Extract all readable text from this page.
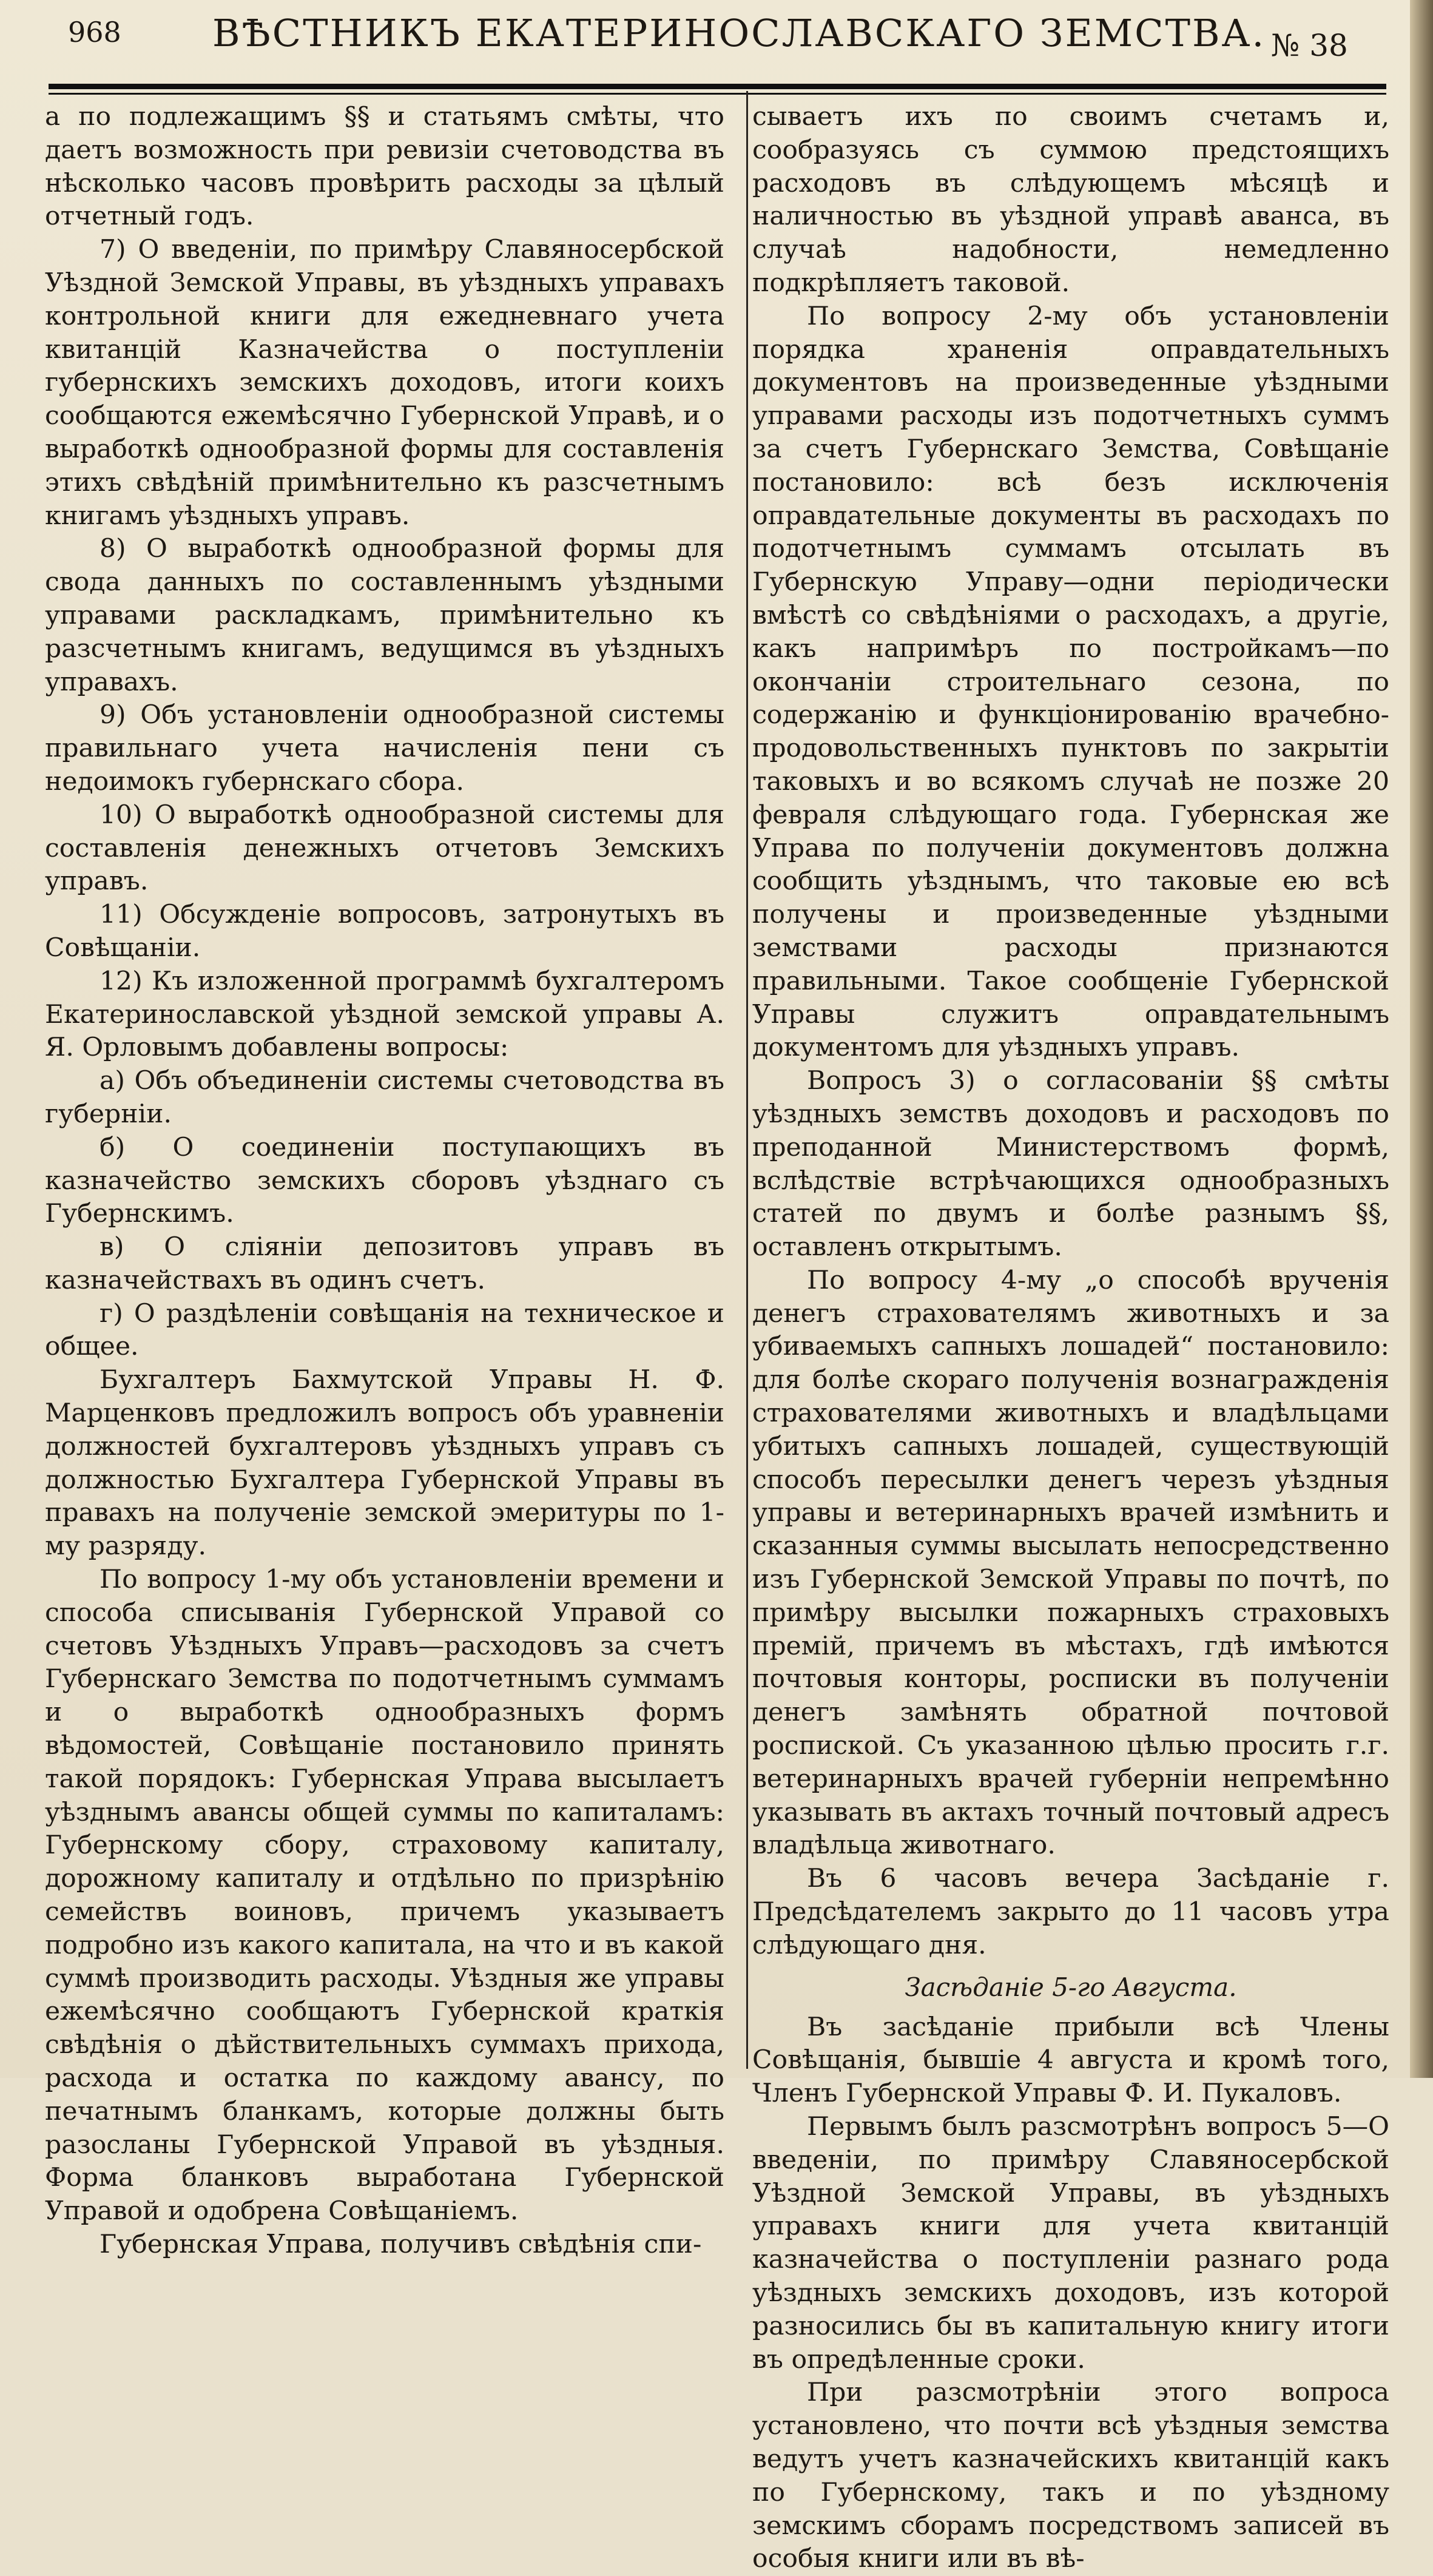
968 ВѢСТНИКЪ ЕКАТЕРИНОСЛАВСКАГО ЗЕМСТВА. № 38

а по подлежащимъ §§ и статьямъ смѣты, что даетъ возможность при ревизіи счетоводства въ нѣсколько часовъ провѣрить расходы за цѣлый отчетный годъ.

7) О введеніи, по примѣру Славяносербской Уѣздной Земской Управы, въ уѣздныхъ управахъ контрольной книги для ежедневнаго учета квитанцій Казначейства о поступленіи губернскихъ земскихъ доходовъ, итоги коихъ сообщаются ежемѣсячно Губернской Управѣ, и о выработкѣ однообразной формы для составленія этихъ свѣдѣній примѣнительно къ разсчетнымъ книгамъ уѣздныхъ управъ.

8) О выработкѣ однообразной формы для свода данныхъ по составленнымъ уѣздными управами раскладкамъ, примѣнительно къ разсчетнымъ книгамъ, ведущимся въ уѣздныхъ управахъ.

9) Объ установленіи однообразной системы правильнаго учета начисленія пени съ недоимокъ губернскаго сбора.

10) О выработкѣ однообразной системы для составленія денежныхъ отчетовъ Земскихъ управъ.

11) Обсужденіе вопросовъ, затронутыхъ въ Совѣщаніи.

12) Къ изложенной программѣ бухгалтеромъ Екатеринославской уѣздной земской управы А. Я. Орловымъ добавлены вопросы:

а) Объ объединеніи системы счетоводства въ губерніи.

б) О соединеніи поступающихъ въ казначейство земскихъ сборовъ уѣзднаго съ Губернскимъ.

в) О сліяніи депозитовъ управъ въ казначействахъ въ одинъ счетъ.

г) О раздѣленіи совѣщанія на техническое и общее.

Бухгалтеръ Бахмутской Управы Н. Ф. Марценковъ предложилъ вопросъ объ уравненіи должностей бухгалтеровъ уѣздныхъ управъ съ должностью Бухгалтера Губернской Управы въ правахъ на полученіе земской эмеритуры по 1-му разряду.

По вопросу 1-му объ установленіи времени и способа списыванія Губернской Управой со счетовъ Уѣздныхъ Управъ—расходовъ за счетъ Губернскаго Земства по подотчетнымъ суммамъ и о выработкѣ однообразныхъ формъ вѣдомостей, Совѣщаніе постановило принять такой порядокъ: Губернская Управа высылаетъ уѣзднымъ авансы общей суммы по капиталамъ: Губернскому сбору, страховому капиталу, дорожному капиталу и отдѣльно по призрѣнію семействъ воиновъ, причемъ указываетъ подробно изъ какого капитала, на что и въ какой суммѣ производить расходы. Уѣздныя же управы ежемѣсячно сообщаютъ Губернской краткія свѣдѣнія о дѣйствительныхъ суммахъ прихода, расхода и остатка по каждому авансу, по печатнымъ бланкамъ, которые должны быть разосланы Губернской Управой въ уѣздныя. Форма бланковъ выработана Губернской Управой и одобрена Совѣщаніемъ.

Губернская Управа, получивъ свѣдѣнія спи-

сываетъ ихъ по своимъ счетамъ и, сообразуясь съ суммою предстоящихъ расходовъ въ слѣдующемъ мѣсяцѣ и наличностью въ уѣздной управѣ аванса, въ случаѣ надобности, немедленно подкрѣпляетъ таковой.

По вопросу 2-му объ установленіи порядка храненія оправдательныхъ документовъ на произведенные уѣздными управами расходы изъ подотчетныхъ суммъ за счетъ Губернскаго Земства, Совѣщаніе постановило: всѣ безъ исключенія оправдательные документы въ расходахъ по подотчетнымъ суммамъ отсылать въ Губернскую Управу—одни періодически вмѣстѣ со свѣдѣніями о расходахъ, а другіе, какъ напримѣръ по постройкамъ—по окончаніи строительнаго сезона, по содержанію и функціонированію врачебно-продовольственныхъ пунктовъ по закрытіи таковыхъ и во всякомъ случаѣ не позже 20 февраля слѣдующаго года. Губернская же Управа по полученіи документовъ должна сообщить уѣзднымъ, что таковые ею всѣ получены и произведенные уѣздными земствами расходы признаются правильными. Такое сообщеніе Губернской Управы служитъ оправдательнымъ документомъ для уѣздныхъ управъ.

Вопросъ 3) о согласованіи §§ смѣты уѣздныхъ земствъ доходовъ и расходовъ по преподанной Министерствомъ формѣ, вслѣдствіе встрѣчающихся однообразныхъ статей по двумъ и болѣе разнымъ §§, оставленъ открытымъ.

По вопросу 4-му „о способѣ врученія денегъ страхователямъ животныхъ и за убиваемыхъ сапныхъ лошадей“ постановило: для болѣе скораго полученія вознагражденія страхователями животныхъ и владѣльцами убитыхъ сапныхъ лошадей, существующій способъ пересылки денегъ черезъ уѣздныя управы и ветеринарныхъ врачей измѣнить и сказанныя суммы высылать непосредственно изъ Губернской Земской Управы по почтѣ, по примѣру высылки пожарныхъ страховыхъ премій, причемъ въ мѣстахъ, гдѣ имѣются почтовыя конторы, росписки въ полученіи денегъ замѣнять обратной почтовой роспиской. Съ указанною цѣлью просить г.г. ветеринарныхъ врачей губерніи непремѣнно указывать въ актахъ точный почтовый адресъ владѣльца животнаго.

Въ 6 часовъ вечера Засѣданіе г. Предсѣдателемъ закрыто до 11 часовъ утра слѣдующаго дня.

Засѣданіе 5-го Августа.

Въ засѣданіе прибыли всѣ Члены Совѣщанія, бывшіе 4 августа и кромѣ того, Членъ Губернской Управы Ф. И. Пукаловъ.

Первымъ былъ разсмотрѣнъ вопросъ 5—О введеніи, по примѣру Славяносербской Уѣздной Земской Управы, въ уѣздныхъ управахъ книги для учета квитанцій казначейства о поступленіи разнаго рода уѣздныхъ земскихъ доходовъ, изъ которой разносились бы въ капитальную книгу итоги въ опредѣленные сроки.

При разсмотрѣніи этого вопроса установлено, что почти всѣ уѣздныя земства ведутъ учетъ казначейскихъ квитанцій какъ по Губернскому, такъ и по уѣздному земскимъ сборамъ посредствомъ записей въ особыя книги или въ вѣ-
